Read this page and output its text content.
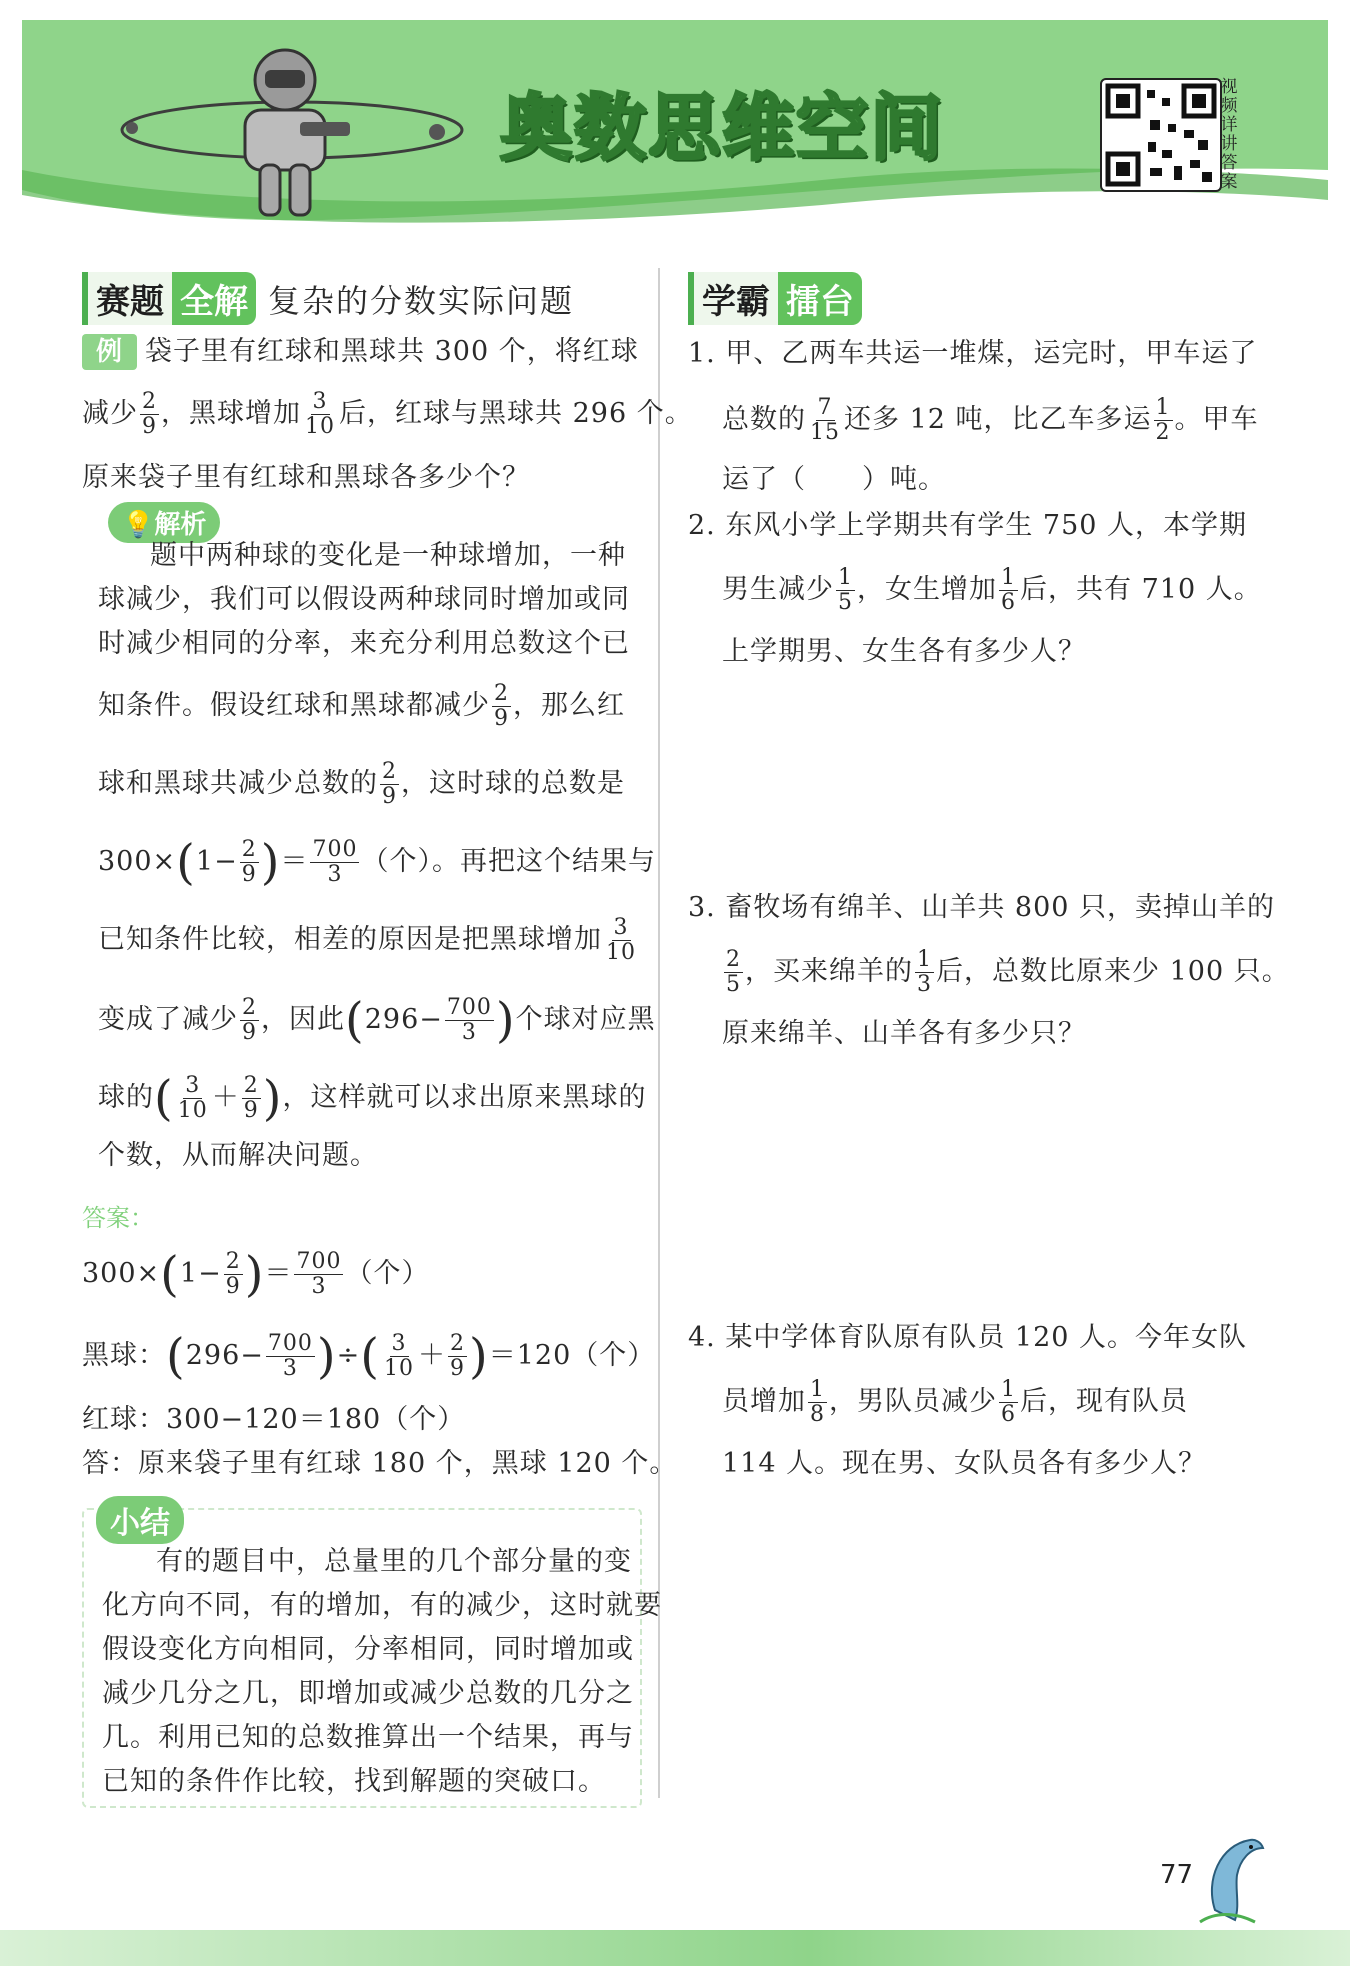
奥数思维空间	视频详讲答案
赛题 全解 复杂的分数实际问题
例 袋子里有红球和黑球共 300 个，将红球
减少 $\frac{2}{9}$ ，黑球增加 $\frac{3}{10}$ 后，红球与黑球共 296 个。
原来袋子里有红球和黑球各多少个？
💡解析
题中两种球的变化是一种球增加，一种
球减少，我们可以假设两种球同时增加或同
时减少相同的分率，来充分利用总数这个已
知条件。假设红球和黑球都减少 $\frac{2}{9}$ ，那么红
球和黑球共减少总数的 $\frac{2}{9}$ ，这时球的总数是
$300\times(1- \frac{2}{9}$ )＝ $\frac{700}{3}$ （个）。再把这个结果与
已知条件比较，相差的原因是把黑球增加 $\frac{3}{10}$
变成了减少 $\frac{2}{9}$ ，因此($296- \frac{700}{3}$ )个球对应黑
球的( $\frac{3}{10} + \frac{2}{9}$ )，这样就可以求出原来黑球的
个数，从而解决问题。
答案：
$300\times(1- \frac{2}{9}$ )＝ $\frac{700}{3}$ （个）
黑球：($296- \frac{700}{3}$ )÷( $\frac{3}{10} + \frac{2}{9} )=120$（个）
红球：300−120＝180（个）
答：原来袋子里有红球 180 个，黑球 120 个。
小结
有的题目中，总量里的几个部分量的变
化方向不同，有的增加，有的减少，这时就要
假设变化方向相同，分率相同，同时增加或
减少几分之几，即增加或减少总数的几分之
几。利用已知的总数推算出一个结果，再与
已知的条件作比较，找到解题的突破口。
学霸 擂台
1. 甲、乙两车共运一堆煤，运完时，甲车运了
总数的 $\frac{7}{15}$ 还多 12 吨，比乙车多运 $\frac{1}{2}$ 。甲车
运了（　　）吨。
2. 东风小学上学期共有学生 750 人，本学期
男生减少 $\frac{1}{5}$ ，女生增加 $\frac{1}{6}$ 后，共有 710 人。
上学期男、女生各有多少人？
3. 畜牧场有绵羊、山羊共 800 只，卖掉山羊的
$\frac{2}{5}$ ，买来绵羊的 $\frac{1}{3}$ 后，总数比原来少 100 只。
原来绵羊、山羊各有多少只？
4. 某中学体育队原有队员 120 人。今年女队
员增加 $\frac{1}{8}$ ，男队员减少 $\frac{1}{6}$ 后，现有队员
114 人。现在男、女队员各有多少人？
77
